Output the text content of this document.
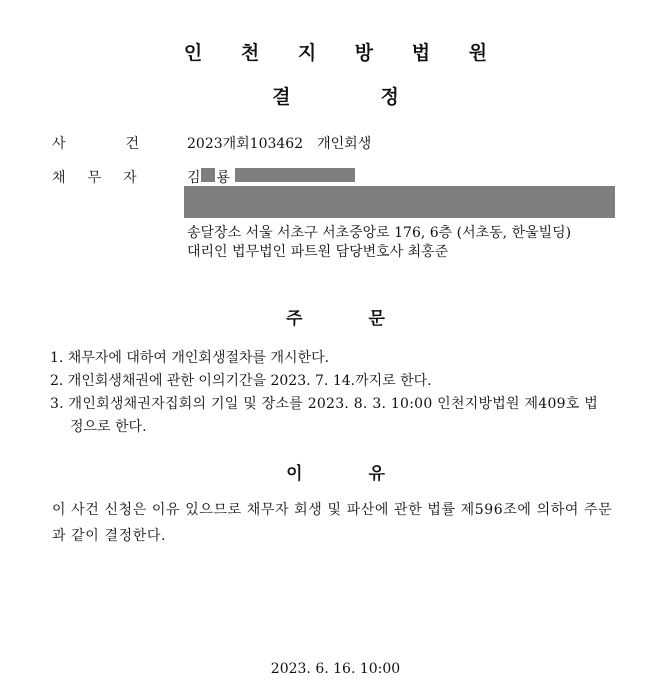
인 천 지 방 법 원
결	정
사	건	2023개회103462 개인회생
채 무 자	김 룡
송달장소 서울 서초구 서초중앙로 176, 6층 (서초동, 한울빌딩)
대리인 법무법인 파트원 담당변호사 최홍준
주	문
1. 채무자에 대하여 개인회생절차를 개시한다.
2. 개인회생채권에 관한 이의기간을 2023. 7. 14.까지로 한다.
3. 개인회생채권자집회의 기일 및 장소를 2023. 8. 3. 10:00 인천지방법원 제409호 법
정으로 한다.
이	유
이 사건 신청은 이유 있으므로 채무자 회생 및 파산에 관한 법률 제596조에 의하여 주문과 같이 결정한다.
2023. 6. 16. 10:00
